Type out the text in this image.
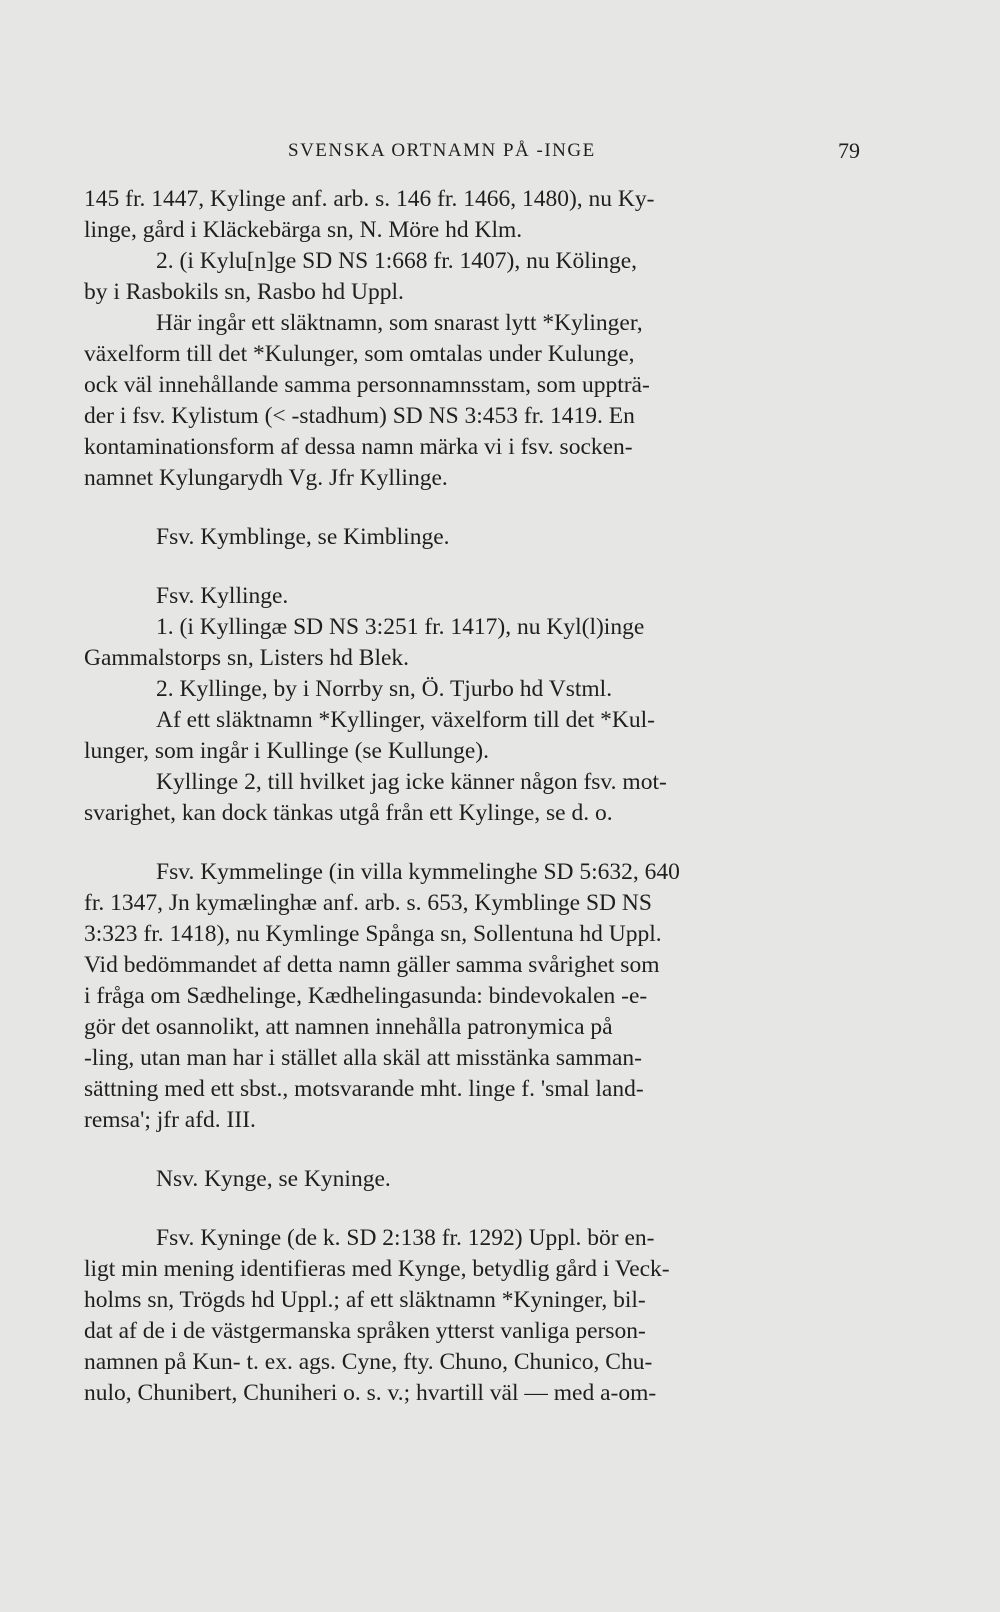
SVENSKA ORTNAMN PÅ -INGE	79
145 fr. 1447, Kylinge anf. arb. s. 146 fr. 1466, 1480), nu Ky-
linge, gård i Kläckebärga sn, N. Möre hd Klm.
2. (i Kylu[n]ge SD NS 1:668 fr. 1407), nu Kölinge,
by i Rasbokils sn, Rasbo hd Uppl.
Här ingår ett släktnamn, som snarast lytt *Kylinger,
växelform till det *Kulunger, som omtalas under Kulunge,
ock väl innehållande samma personnamnsstam, som uppträ-
der i fsv. Kylistum (< -stadhum) SD NS 3:453 fr. 1419. En
kontaminationsform af dessa namn märka vi i fsv. socken-
namnet Kylungarydh Vg. Jfr Kyllinge.
Fsv. Kymblinge, se Kimblinge.
Fsv. Kyllinge.
1. (i Kyllingæ SD NS 3:251 fr. 1417), nu Kyl(l)inge
Gammalstorps sn, Listers hd Blek.
2. Kyllinge, by i Norrby sn, Ö. Tjurbo hd Vstml.
Af ett släktnamn *Kyllinger, växelform till det *Kul-
lunger, som ingår i Kullinge (se Kullunge).
Kyllinge 2, till hvilket jag icke känner någon fsv. mot-
svarighet, kan dock tänkas utgå från ett Kylinge, se d. o.
Fsv. Kymmelinge (in villa kymmelinghe SD 5:632, 640
fr. 1347, Jn kymælinghæ anf. arb. s. 653, Kymblinge SD NS
3:323 fr. 1418), nu Kymlinge Spånga sn, Sollentuna hd Uppl.
Vid bedömmandet af detta namn gäller samma svårighet som
i fråga om Sædhelinge, Kædhelingasunda: bindevokalen -e-
gör det osannolikt, att namnen innehålla patronymica på
-ling, utan man har i stället alla skäl att misstänka samman-
sättning med ett sbst., motsvarande mht. linge f. 'smal land-
remsa'; jfr afd. III.
Nsv. Kynge, se Kyninge.
Fsv. Kyninge (de k. SD 2:138 fr. 1292) Uppl. bör en-
ligt min mening identifieras med Kynge, betydlig gård i Veck-
holms sn, Trögds hd Uppl.; af ett släktnamn *Kyninger, bil-
dat af de i de västgermanska språken ytterst vanliga person-
namnen på Kun- t. ex. ags. Cyne, fty. Chuno, Chunico, Chu-
nulo, Chunibert, Chuniheri o. s. v.; hvartill väl — med a-om-
